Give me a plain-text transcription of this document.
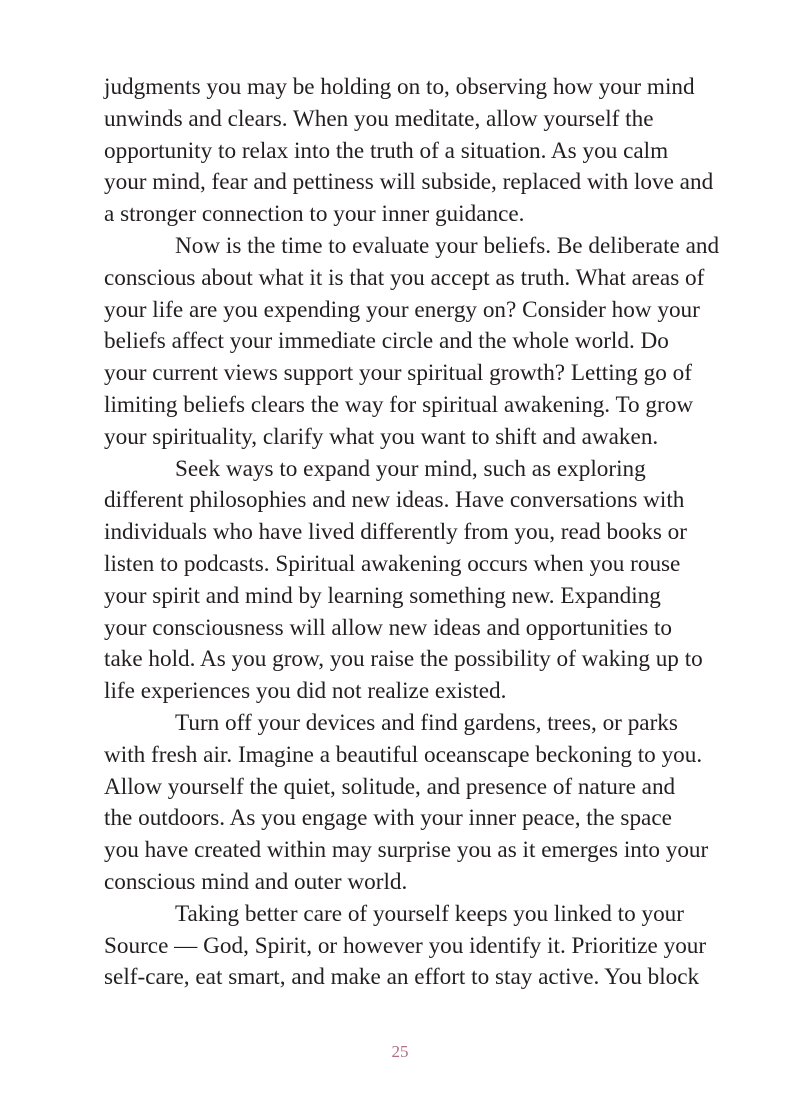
judgments you may be holding on to, observing how your mind
unwinds and clears. When you meditate, allow yourself the
opportunity to relax into the truth of a situation. As you calm
your mind, fear and pettiness will subside, replaced with love and
a stronger connection to your inner guidance.
Now is the time to evaluate your beliefs. Be deliberate and
conscious about what it is that you accept as truth. What areas of
your life are you expending your energy on? Consider how your
beliefs affect your immediate circle and the whole world. Do
your current views support your spiritual growth? Letting go of
limiting beliefs clears the way for spiritual awakening. To grow
your spirituality, clarify what you want to shift and awaken.
Seek ways to expand your mind, such as exploring
different philosophies and new ideas. Have conversations with
individuals who have lived differently from you, read books or
listen to podcasts. Spiritual awakening occurs when you rouse
your spirit and mind by learning something new. Expanding
your consciousness will allow new ideas and opportunities to
take hold. As you grow, you raise the possibility of waking up to
life experiences you did not realize existed.
Turn off your devices and find gardens, trees, or parks
with fresh air. Imagine a beautiful oceanscape beckoning to you.
Allow yourself the quiet, solitude, and presence of nature and
the outdoors. As you engage with your inner peace, the space
you have created within may surprise you as it emerges into your
conscious mind and outer world.
Taking better care of yourself keeps you linked to your
Source — God, Spirit, or however you identify it. Prioritize your
self-care, eat smart, and make an effort to stay active. You block
25
